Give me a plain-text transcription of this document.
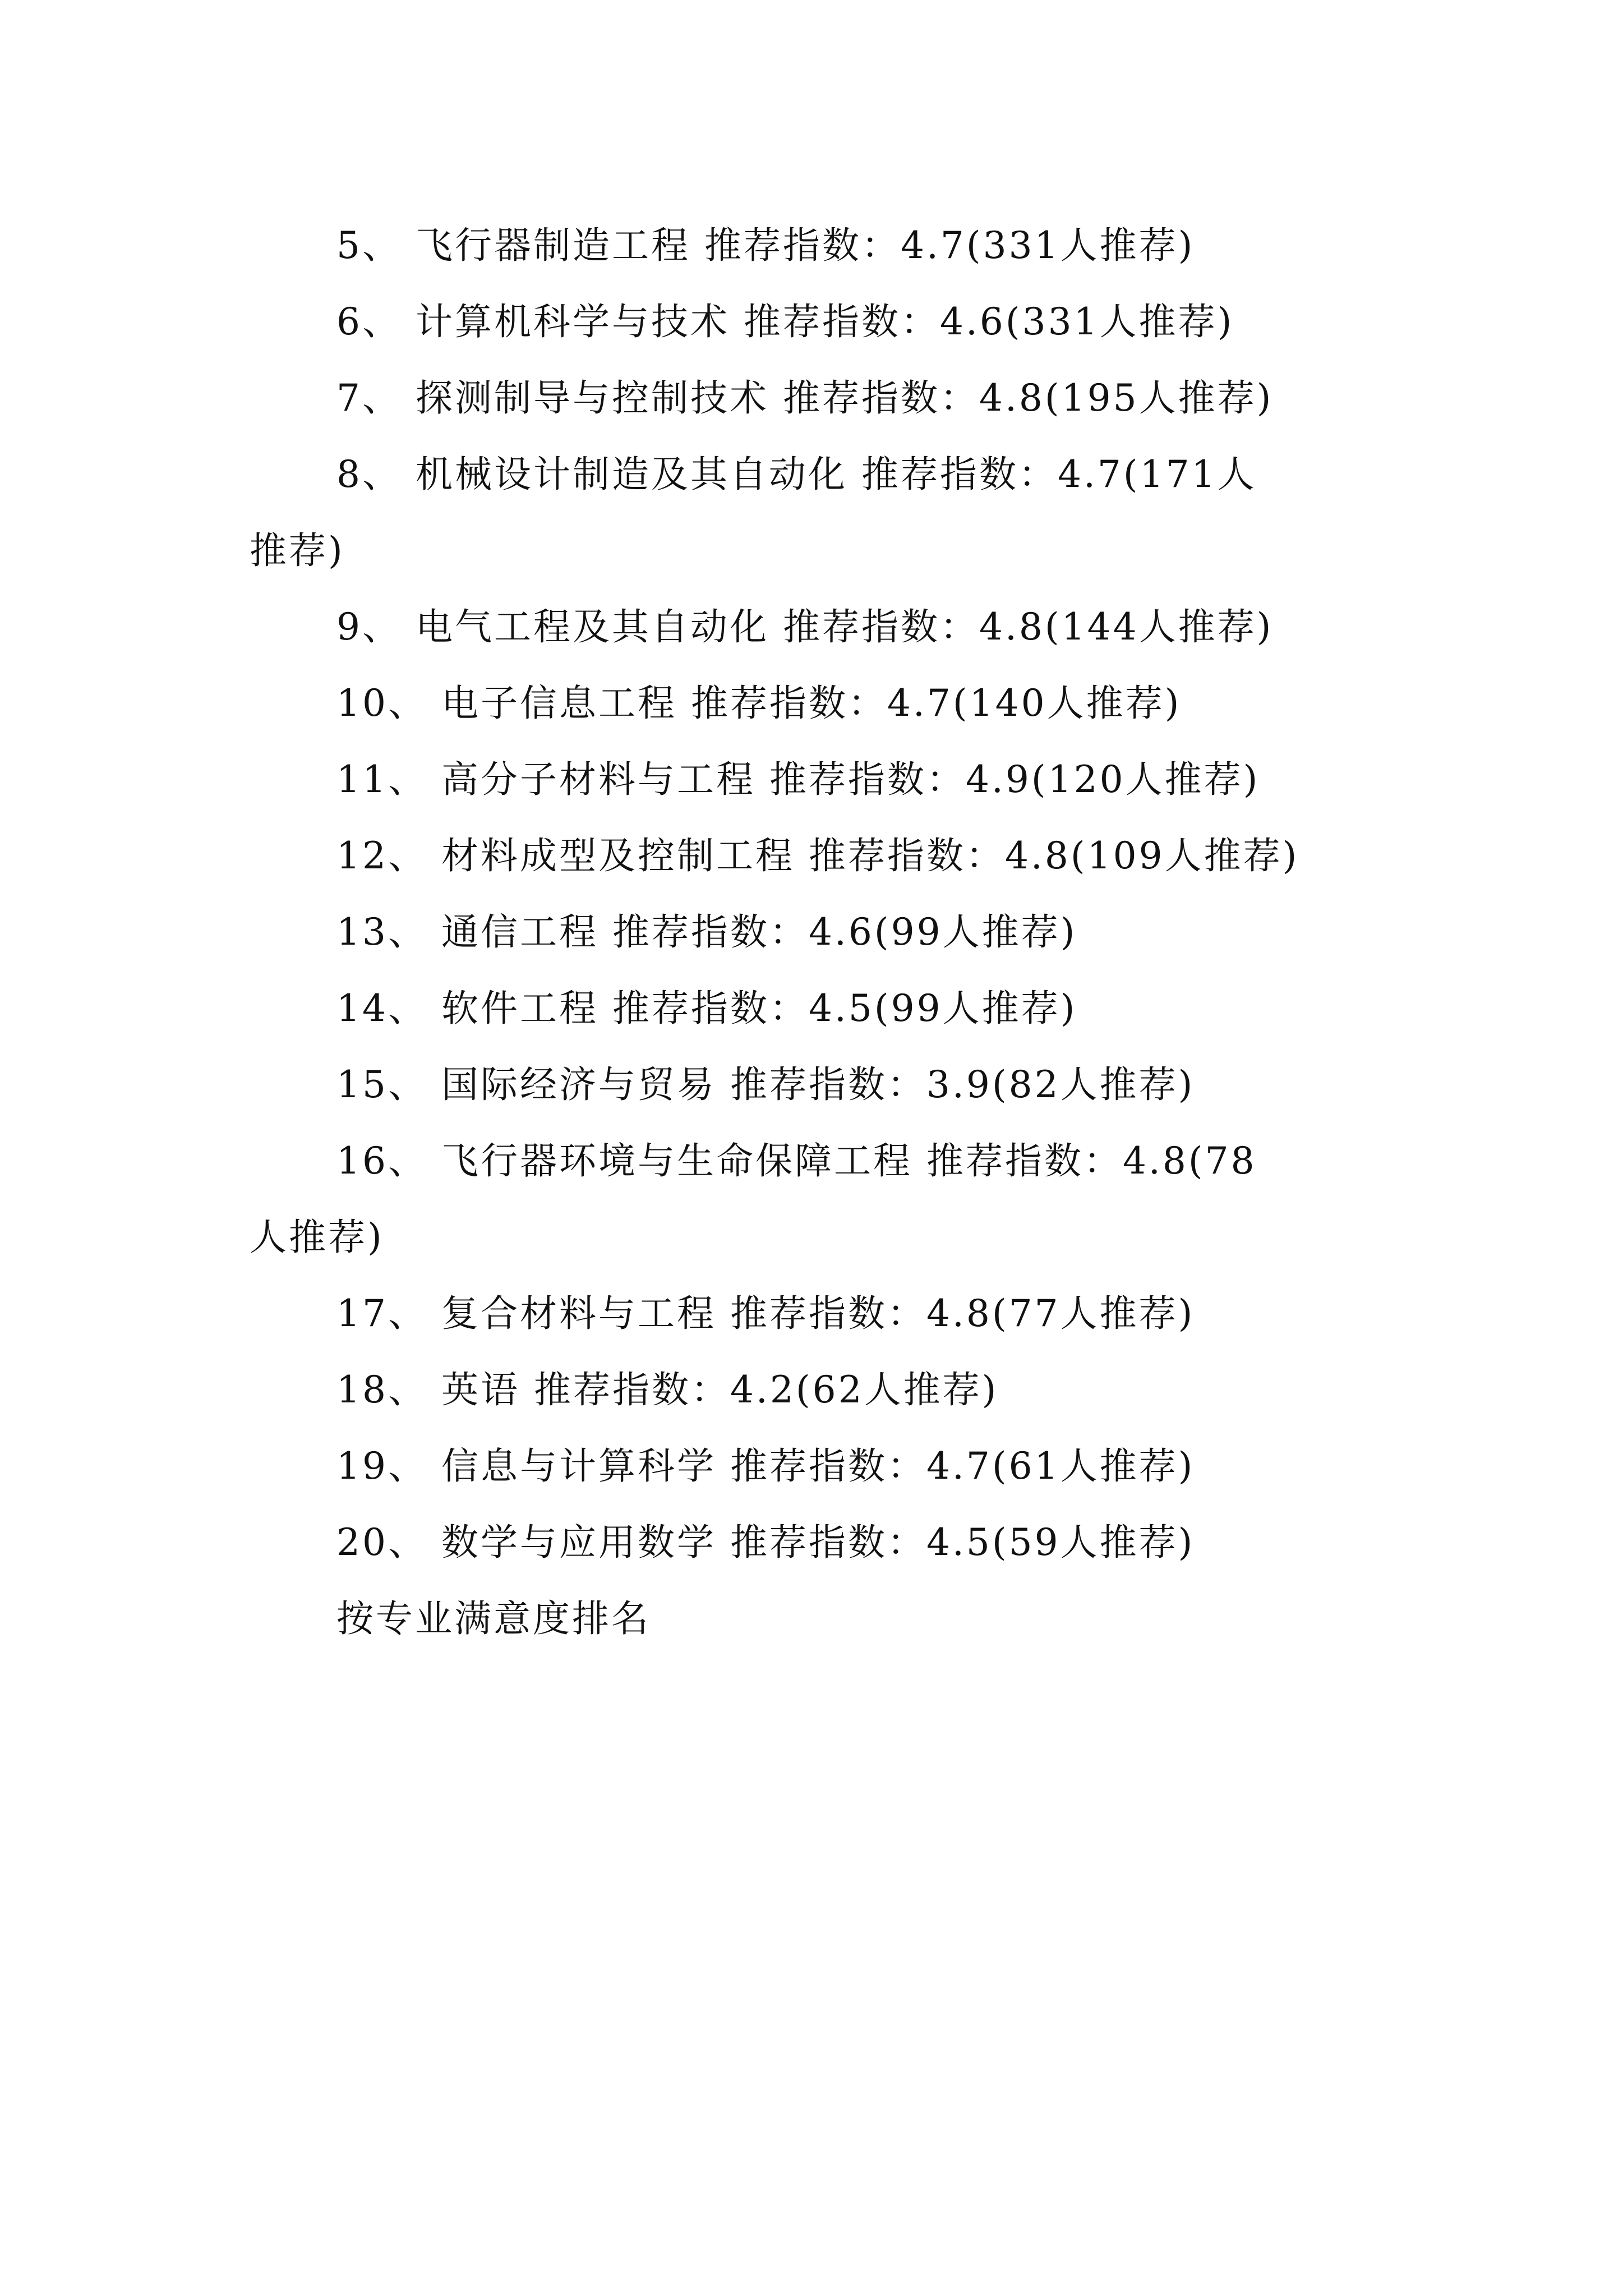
5、 飞行器制造工程 推荐指数：4.7(331人推荐)
6、 计算机科学与技术 推荐指数：4.6(331人推荐)
7、 探测制导与控制技术 推荐指数：4.8(195人推荐)
8、 机械设计制造及其自动化 推荐指数：4.7(171人
推荐)
9、 电气工程及其自动化 推荐指数：4.8(144人推荐)
10、 电子信息工程 推荐指数：4.7(140人推荐)
11、 高分子材料与工程 推荐指数：4.9(120人推荐)
12、 材料成型及控制工程 推荐指数：4.8(109人推荐)
13、 通信工程 推荐指数：4.6(99人推荐)
14、 软件工程 推荐指数：4.5(99人推荐)
15、 国际经济与贸易 推荐指数：3.9(82人推荐)
16、 飞行器环境与生命保障工程 推荐指数：4.8(78
人推荐)
17、 复合材料与工程 推荐指数：4.8(77人推荐)
18、 英语 推荐指数：4.2(62人推荐)
19、 信息与计算科学 推荐指数：4.7(61人推荐)
20、 数学与应用数学 推荐指数：4.5(59人推荐)
按专业满意度排名
